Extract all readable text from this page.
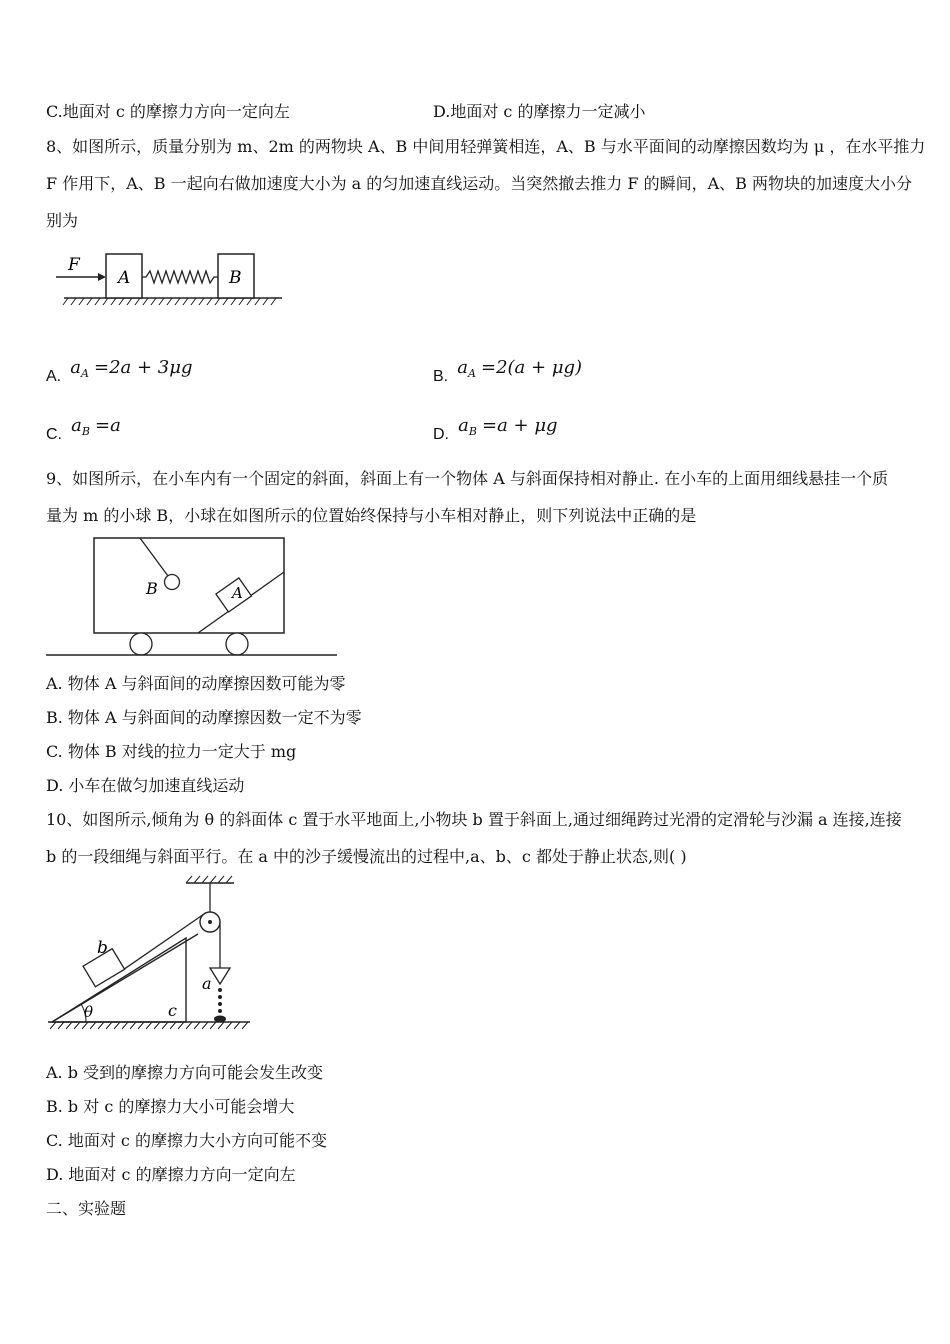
C.地面对 c 的摩擦力方向一定向左	D.地面对 c 的摩擦力一定减小
8、如图所示，质量分别为 m、2m 的两物块 A、B 中间用轻弹簧相连，A、B 与水平面间的动摩擦因数均为 μ ，在水平推力
F 作用下，A、B 一起向右做加速度大小为 a 的匀加速直线运动。当突然撤去推力 F 的瞬间，A、B 两物块的加速度大小分
别为
F
A	B
A. $a_A =2a + 3\mu g$	B. $a_A =2(a + \mu g)$
C. $a_B =a$	D. $a_B =a + \mu g$
9、如图所示，在小车内有一个固定的斜面，斜面上有一个物体 A 与斜面保持相对静止. 在小车的上面用细线悬挂一个质
量为 m 的小球 B，小球在如图所示的位置始终保持与小车相对静止，则下列说法中正确的是
B	A
A. 物体 A 与斜面间的动摩擦因数可能为零
B. 物体 A 与斜面间的动摩擦因数一定不为零
C. 物体 B 对线的拉力一定大于 mg
D. 小车在做匀加速直线运动
10、如图所示,倾角为 θ 的斜面体 c 置于水平地面上,小物块 b 置于斜面上,通过细绳跨过光滑的定滑轮与沙漏 a 连接,连接
b 的一段细绳与斜面平行。在 a 中的沙子缓慢流出的过程中,a、b、c 都处于静止状态,则( )
c
θ
b
a
A. b 受到的摩擦力方向可能会发生改变
B. b 对 c 的摩擦力大小可能会增大
C. 地面对 c 的摩擦力大小方向可能不变
D. 地面对 c 的摩擦力方向一定向左
二、实验题
